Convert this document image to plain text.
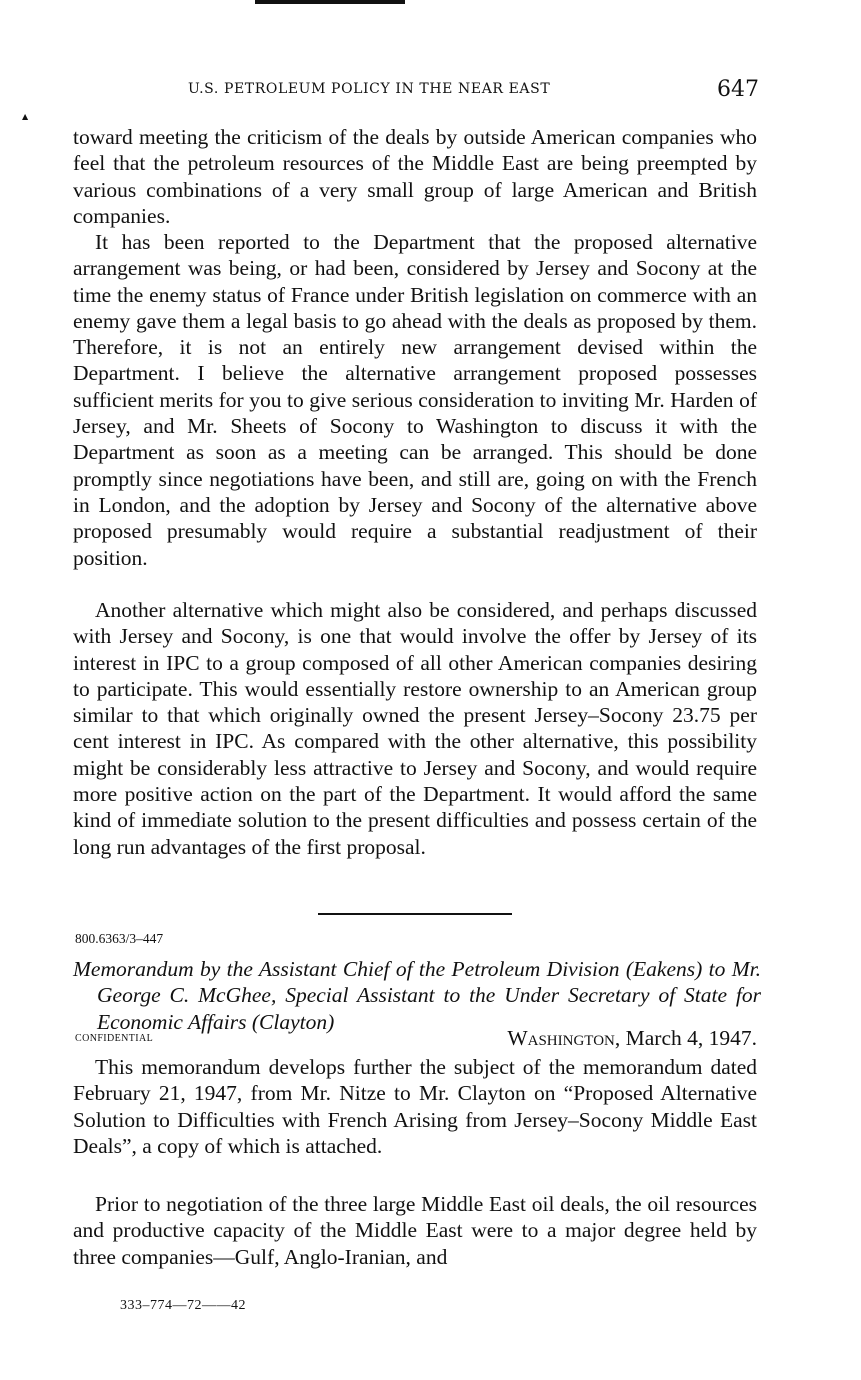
U.S. PETROLEUM POLICY IN THE NEAR EAST	647
▲

toward meeting the criticism of the deals by outside American companies who feel that the petroleum resources of the Middle East are being preempted by various combinations of a very small group of large American and British companies.

It has been reported to the Department that the proposed alternative arrangement was being, or had been, considered by Jersey and Socony at the time the enemy status of France under British legislation on commerce with an enemy gave them a legal basis to go ahead with the deals as proposed by them. Therefore, it is not an entirely new arrangement devised within the Department. I believe the alternative arrangement proposed possesses sufficient merits for you to give serious consideration to inviting Mr. Harden of Jersey, and Mr. Sheets of Socony to Washington to discuss it with the Department as soon as a meeting can be arranged. This should be done promptly since negotiations have been, and still are, going on with the French in London, and the adoption by Jersey and Socony of the alternative above proposed presumably would require a substantial readjustment of their position.

Another alternative which might also be considered, and perhaps discussed with Jersey and Socony, is one that would involve the offer by Jersey of its interest in IPC to a group composed of all other American companies desiring to participate. This would essentially restore ownership to an American group similar to that which originally owned the present Jersey–Socony 23.75 per cent interest in IPC. As compared with the other alternative, this possibility might be considerably less attractive to Jersey and Socony, and would require more positive action on the part of the Department. It would afford the same kind of immediate solution to the present difficulties and possess certain of the long run advantages of the first proposal.

800.6363/3–447
Memorandum by the Assistant Chief of the Petroleum Division (Eakens) to Mr. George C. McGhee, Special Assistant to the Under Secretary of State for Economic Affairs (Clayton)
confidential	Washington, March 4, 1947.

This memorandum develops further the subject of the memorandum dated February 21, 1947, from Mr. Nitze to Mr. Clayton on “Proposed Alternative Solution to Difficulties with French Arising from Jersey–Socony Middle East Deals”, a copy of which is attached.

Prior to negotiation of the three large Middle East oil deals, the oil resources and productive capacity of the Middle East were to a major degree held by three companies—Gulf, Anglo-Iranian, and

333–774—72——42
